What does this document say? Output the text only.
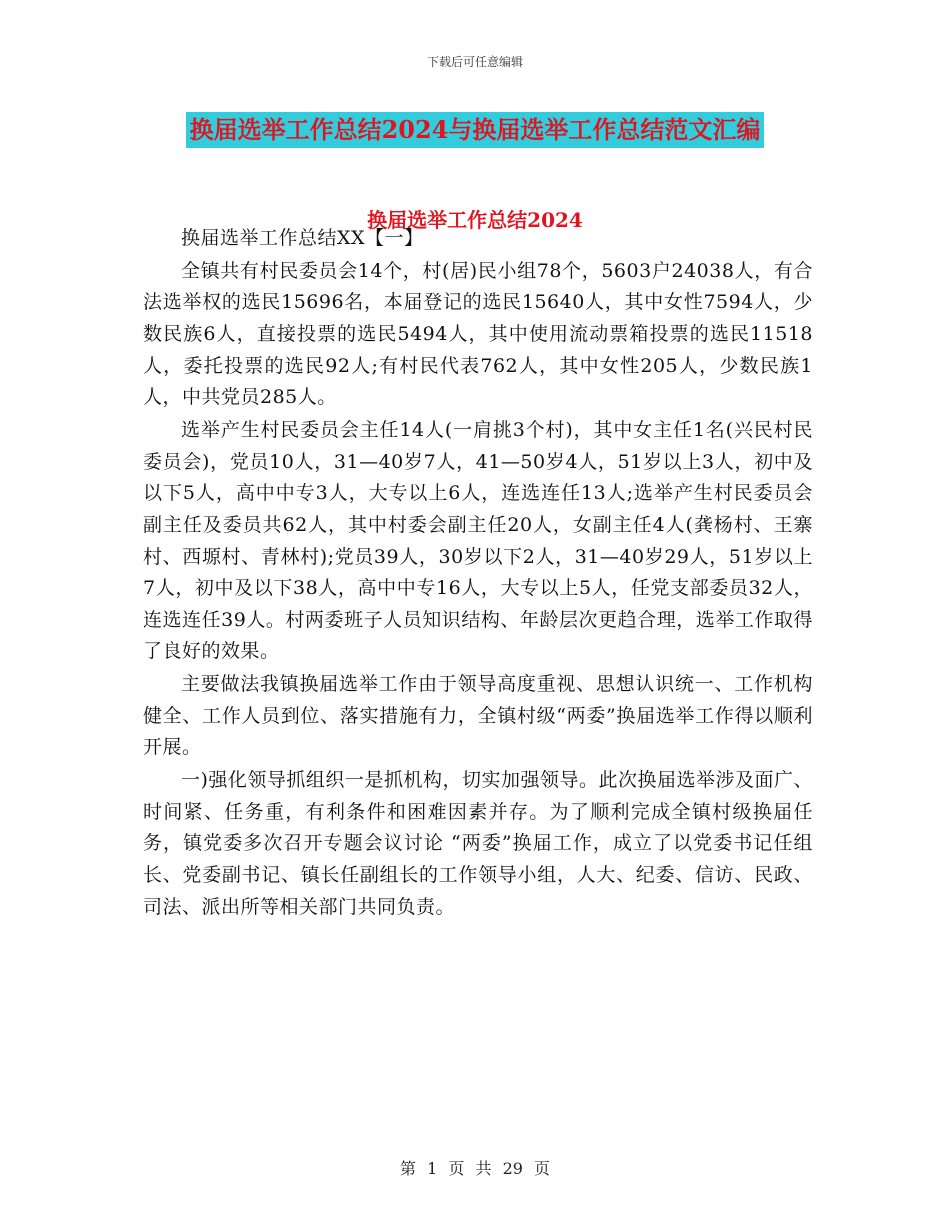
下载后可任意编辑
换届选举工作总结2024与换届选举工作总结范文汇编
换届选举工作总结2024

换届选举工作总结XX【一】

全镇共有村民委员会14个，村(居)民小组78个，5603户24038人，有合法选举权的选民15696名，本届登记的选民15640人，其中女性7594人，少数民族6人，直接投票的选民5494人，其中使用流动票箱投票的选民11518人，委托投票的选民92人;有村民代表762人，其中女性205人，少数民族1人，中共党员285人。

选举产生村民委员会主任14人(一肩挑3个村)，其中女主任1名(兴民村民委员会)，党员10人，31—40岁7人，41—50岁4人，51岁以上3人，初中及以下5人，高中中专3人，大专以上6人，连选连任13人;选举产生村民委员会副主任及委员共62人，其中村委会副主任20人，女副主任4人(龚杨村、王寨村、西塬村、青林村);党员39人，30岁以下2人，31—40岁29人，51岁以上7人，初中及以下38人，高中中专16人，大专以上5人，任党支部委员32人，连选连任39人。村两委班子人员知识结构、年龄层次更趋合理，选举工作取得了良好的效果。

主要做法我镇换届选举工作由于领导高度重视、思想认识统一、工作机构健全、工作人员到位、落实措施有力，全镇村级“两委”换届选举工作得以顺利开展。

一)强化领导抓组织一是抓机构，切实加强领导。此次换届选举涉及面广、时间紧、任务重，有利条件和困难因素并存。为了顺利完成全镇村级换届任务，镇党委多次召开专题会议讨论 “两委”换届工作，成立了以党委书记任组长、党委副书记、镇长任副组长的工作领导小组，人大、纪委、信访、民政、司法、派出所等相关部门共同负责。

第 1 页 共 29 页
